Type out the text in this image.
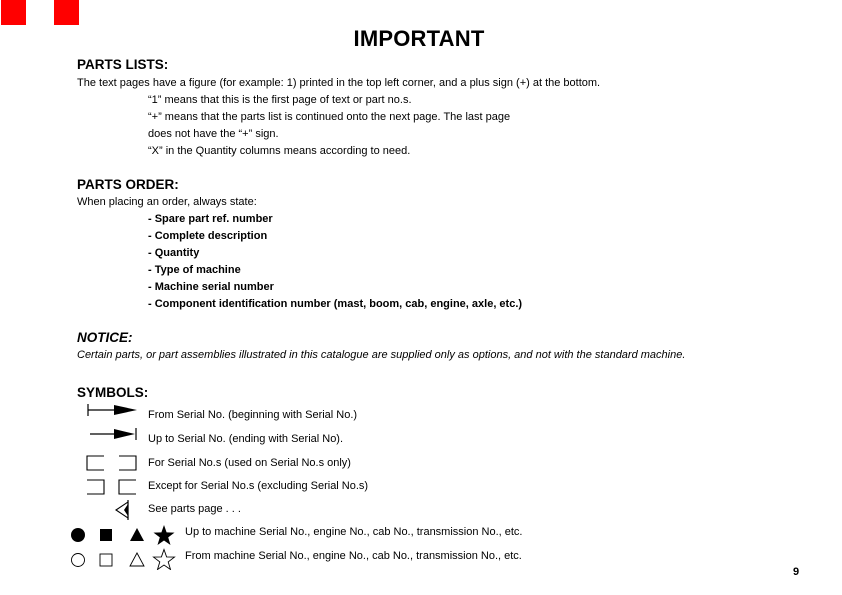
IMPORTANT
PARTS LISTS:
The text pages have a figure (for example: 1) printed in the top left corner, and a plus sign (+) at the bottom.
“1” means that this is the first page of text or part no.s.
“+” means that the parts list is continued onto the next page. The last page
does not have the “+” sign.
“X” in the Quantity columns means according to need.
PARTS ORDER:
When placing an order, always state:
- Spare part ref. number
- Complete description
- Quantity
- Type of machine
- Machine serial number
- Component identification number (mast, boom, cab, engine, axle, etc.)
NOTICE:
Certain parts, or part assemblies illustrated in this catalogue are supplied only as options, and not with the standard machine.
SYMBOLS:
From Serial No. (beginning with Serial No.)
Up to Serial No. (ending with Serial No).
For Serial No.s (used on Serial No.s only)
Except for Serial No.s (excluding Serial No.s)
See parts page . . .
Up to machine Serial No., engine No., cab No., transmission No., etc.
From machine Serial No., engine No., cab No., transmission No., etc.
9
